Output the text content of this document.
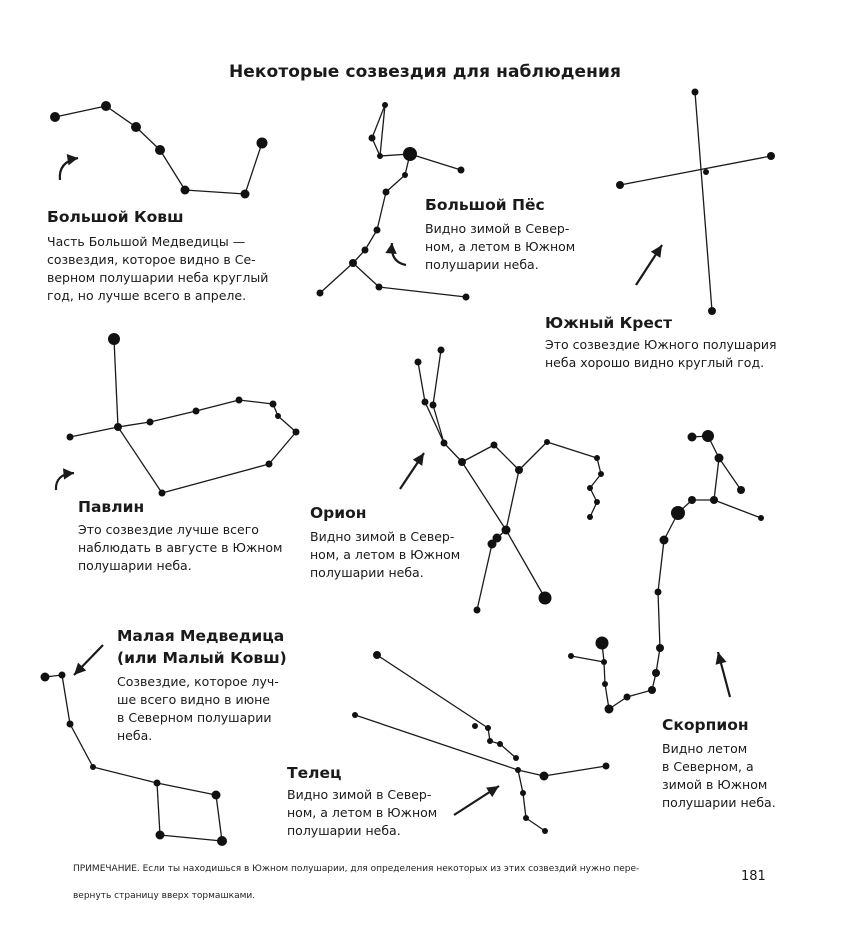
Некоторые созвездия для наблюдения
Большой Ковш
Часть Большой Медведицы —
созвездия, которое видно в Се-
верном полушарии неба круглый
год, но лучше всего в апреле.
Большой Пёс
Видно зимой в Север-
ном, а летом в Южном
полушарии неба.
Южный Крест
Это созвездие Южного полушария
неба хорошо видно круглый год.
Павлин
Это созвездие лучше всего
наблюдать в августе в Южном
полушарии неба.
Орион
Видно зимой в Север-
ном, а летом в Южном
полушарии неба.
Малая Медведица
(или Малый Ковш)
Созвездие, которое луч-
ше всего видно в июне
в Северном полушарии
неба.
Телец
Видно зимой в Север-
ном, а летом в Южном
полушарии неба.
Скорпион
Видно летом
в Северном, а
зимой в Южном
полушарии неба.
ПРИМЕЧАНИЕ. Если ты находишься в Южном полушарии, для определения некоторых из этих созвездий нужно пере-
вернуть страницу вверх тормашками.
181
